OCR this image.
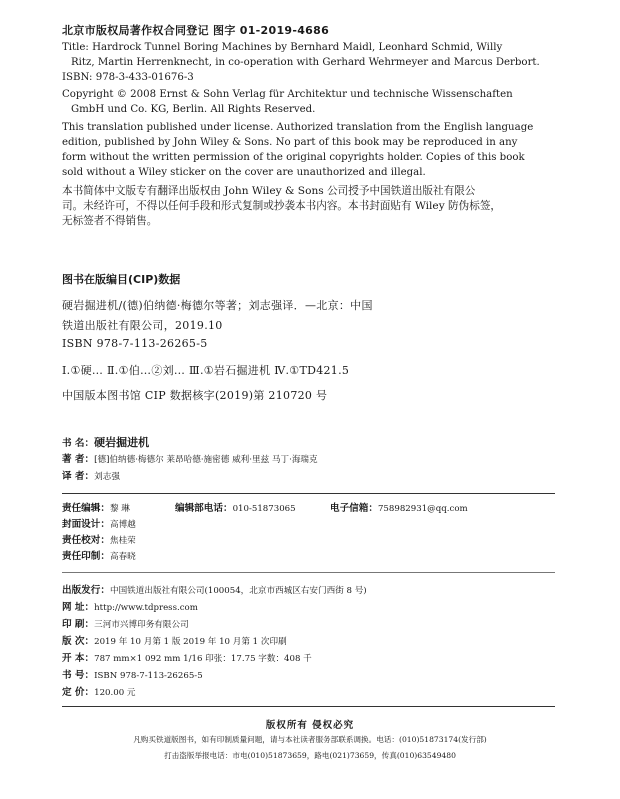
北京市版权局著作权合同登记 图字 01-2019-4686
Title: Hardrock Tunnel Boring Machines by Bernhard Maidl, Leonhard Schmid, Willy
Ritz, Martin Herrenknecht, in co-operation with Gerhard Wehrmeyer and Marcus Derbort.
ISBN: 978-3-433-01676-3
Copyright © 2008 Ernst & Sohn Verlag für Architektur und technische Wissenschaften
GmbH und Co. KG, Berlin. All Rights Reserved.
This translation published under license. Authorized translation from the English language
edition, published by John Wiley & Sons. No part of this book may be reproduced in any
form without the written permission of the original copyrights holder. Copies of this book
sold without a Wiley sticker on the cover are unauthorized and illegal.
本书简体中文版专有翻译出版权由 John Wiley & Sons 公司授予中国铁道出版社有限公
司。未经许可，不得以任何手段和形式复制或抄袭本书内容。本书封面贴有 Wiley 防伪标签，
无标签者不得销售。
图书在版编目(CIP)数据
硬岩掘进机/(德)伯纳德·梅德尔等著；刘志强译．—北京：中国
铁道出版社有限公司，2019.10
ISBN 978-7-113-26265-5
Ⅰ.①硬… Ⅱ.①伯…②刘… Ⅲ.①岩石掘进机 Ⅳ.①TD421.5
中国版本图书馆 CIP 数据核字(2019)第 210720 号
书 名：硬岩掘进机
著 者：[德]伯纳德·梅德尔 莱昂哈德·施密德 威利·里兹 马丁·海瑞克
译 者：刘志强
责任编辑：黎 琳	编辑部电话：010-51873065	电子信箱：758982931@qq.com
封面设计：高博越
责任校对：焦桂荣
责任印制：高春晓
出版发行：中国铁道出版社有限公司(100054，北京市西城区右安门西街 8 号)
网 址：http://www.tdpress.com
印 刷：三河市兴博印务有限公司
版 次：2019 年 10 月第 1 版 2019 年 10 月第 1 次印刷
开 本：787 mm×1 092 mm 1/16 印张：17.75 字数：408 千
书 号：ISBN 978-7-113-26265-5
定 价：120.00 元
版权所有 侵权必究
凡购买铁道版图书，如有印制质量问题，请与本社读者服务部联系调换。电话：(010)51873174(发行部)
打击盗版举报电话：市电(010)51873659，路电(021)73659，传真(010)63549480
